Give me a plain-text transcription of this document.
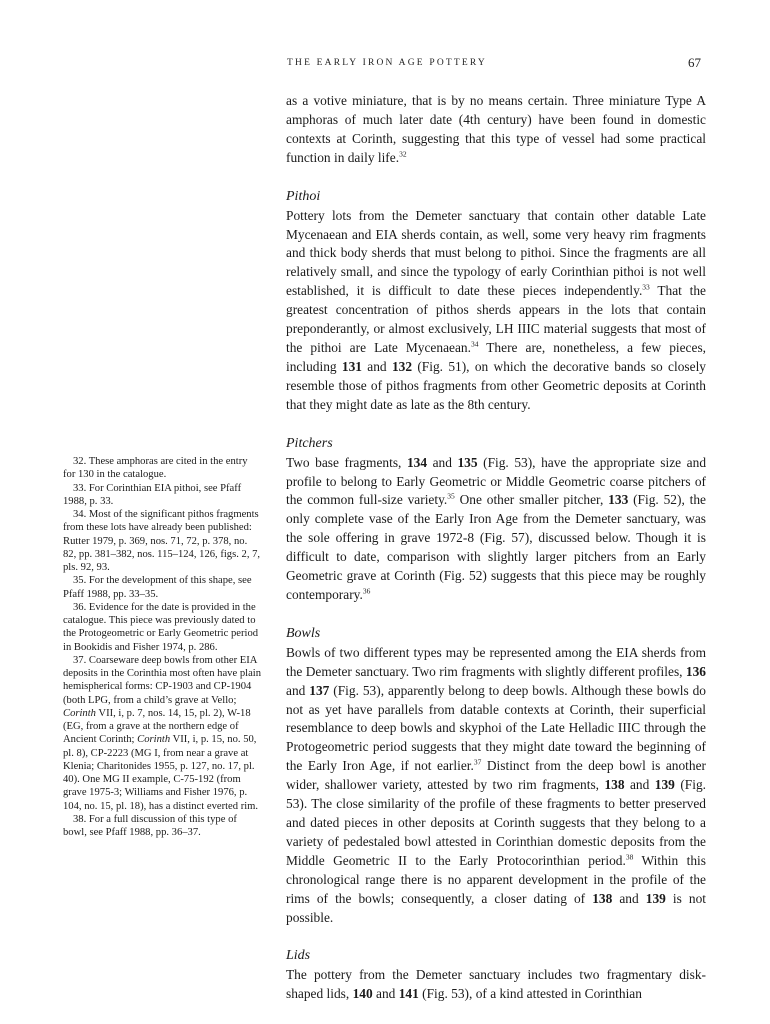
THE EARLY IRON AGE POTTERY	67

as a votive miniature, that is by no means certain. Three miniature Type A amphoras of much later date (4th century) have been found in domestic contexts at Corinth, suggesting that this type of vessel had some practical function in daily life.$^{32}$

Pithoi

Pottery lots from the Demeter sanctuary that contain other datable Late Mycenaean and EIA sherds contain, as well, some very heavy rim fragments and thick body sherds that must belong to pithoi. Since the fragments are all relatively small, and since the typology of early Corinthian pithoi is not well established, it is difficult to date these pieces independently.$^{33}$ That the greatest concentration of pithos sherds appears in the lots that contain preponderantly, or almost exclusively, LH IIIC material suggests that most of the pithoi are Late Mycenaean.$^{34}$ There are, nonetheless, a few pieces, including 131 and 132 (Fig. 51), on which the decorative bands so closely resemble those of pithos fragments from other Geometric deposits at Corinth that they might date as late as the 8th century.

Pitchers

Two base fragments, 134 and 135 (Fig. 53), have the appropriate size and profile to belong to Early Geometric or Middle Geometric coarse pitchers of the common full-size variety.$^{35}$ One other smaller pitcher, 133 (Fig. 52), the only complete vase of the Early Iron Age from the Demeter sanctuary, was the sole offering in grave 1972-8 (Fig. 57), discussed below. Though it is difficult to date, comparison with slightly larger pitchers from an Early Geometric grave at Corinth (Fig. 52) suggests that this piece may be roughly contemporary.$^{36}$

Bowls

Bowls of two different types may be represented among the EIA sherds from the Demeter sanctuary. Two rim fragments with slightly different profiles, 136 and 137 (Fig. 53), apparently belong to deep bowls. Although these bowls do not as yet have parallels from datable contexts at Corinth, their superficial resemblance to deep bowls and skyphoi of the Late Helladic IIIC through the Protogeometric period suggests that they might date toward the beginning of the Early Iron Age, if not earlier.$^{37}$ Distinct from the deep bowl is another wider, shallower variety, attested by two rim fragments, 138 and 139 (Fig. 53). The close similarity of the profile of these fragments to better preserved and dated pieces in other deposits at Corinth suggests that they belong to a variety of pedestaled bowl attested in Corinthian domestic deposits from the Middle Geometric II to the Early Protocorinthian period.$^{38}$ Within this chronological range there is no apparent development in the profile of the rims of the bowls; consequently, a closer dating of 138 and 139 is not possible.

Lids

The pottery from the Demeter sanctuary includes two fragmentary disk-shaped lids, 140 and 141 (Fig. 53), of a kind attested in Corinthian

32. These amphoras are cited in the entry for 130 in the catalogue.

33. For Corinthian EIA pithoi, see Pfaff 1988, p. 33.

34. Most of the significant pithos fragments from these lots have already been published: Rutter 1979, p. 369, nos. 71, 72, p. 378, no. 82, pp. 381–382, nos. 115–124, 126, figs. 2, 7, pls. 92, 93.

35. For the development of this shape, see Pfaff 1988, pp. 33–35.

36. Evidence for the date is provided in the catalogue. This piece was previously dated to the Protogeometric or Early Geometric period in Bookidis and Fisher 1974, p. 286.

37. Coarseware deep bowls from other EIA deposits in the Corinthia most often have plain hemispherical forms: CP-1903 and CP-1904 (both LPG, from a child’s grave at Vello; Corinth VII, i, p. 7, nos. 14, 15, pl. 2), W-18 (EG, from a grave at the northern edge of Ancient Corinth; Corinth VII, i, p. 15, no. 50, pl. 8), CP-2223 (MG I, from near a grave at Klenia; Charitonides 1955, p. 127, no. 17, pl. 40). One MG II example, C-75-192 (from grave 1975-3; Williams and Fisher 1976, p. 104, no. 15, pl. 18), has a distinct everted rim.

38. For a full discussion of this type of bowl, see Pfaff 1988, pp. 36–37.
